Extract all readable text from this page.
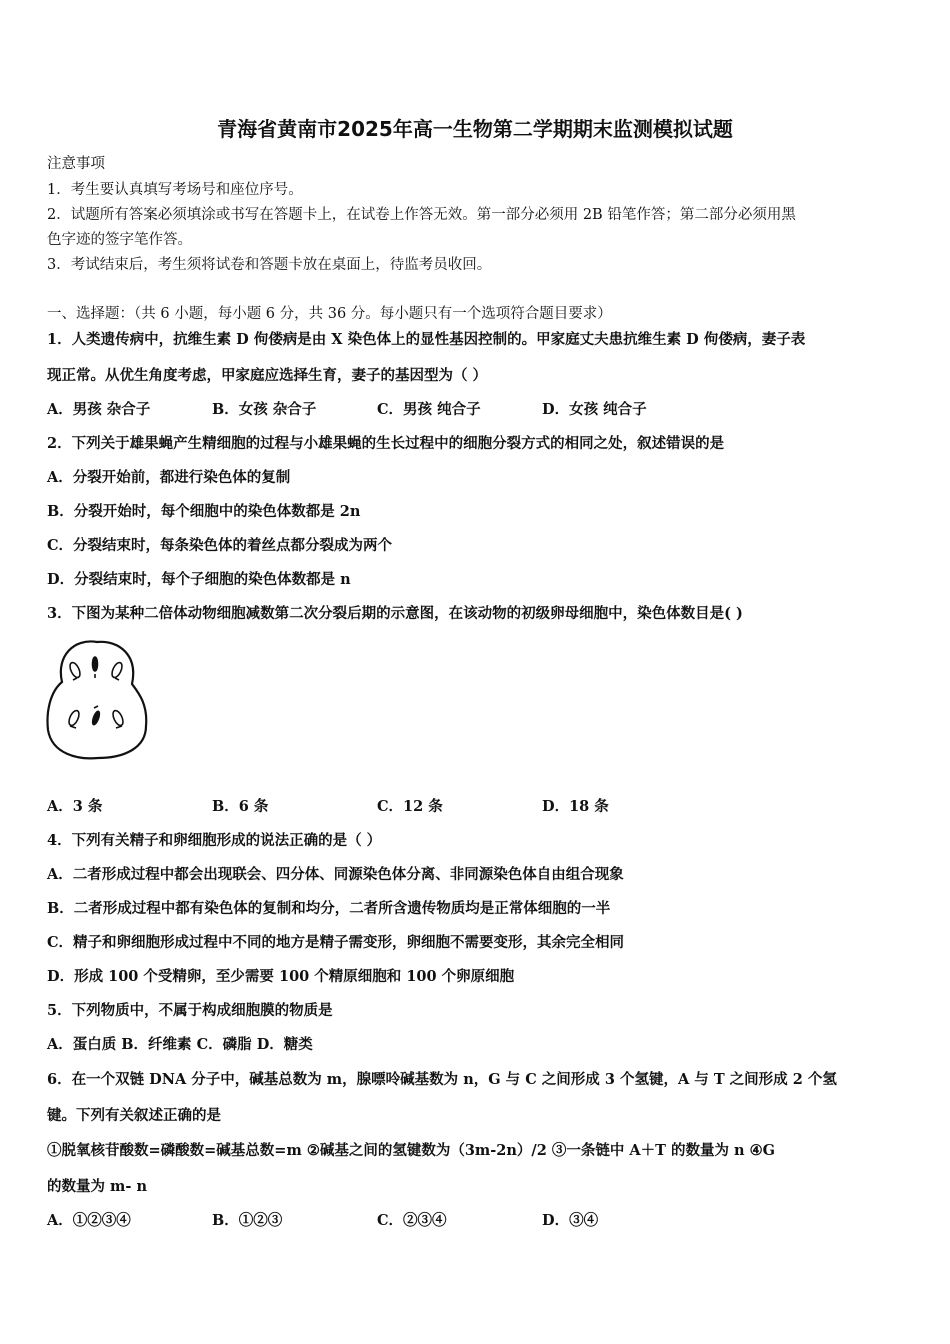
青海省黄南市2025年高一生物第二学期期末监测模拟试题
注意事项
1．考生要认真填写考场号和座位序号。
2．试题所有答案必须填涂或书写在答题卡上，在试卷上作答无效。第一部分必须用 2B 铅笔作答；第二部分必须用黑
色字迹的签字笔作答。
3．考试结束后，考生须将试卷和答题卡放在桌面上，待监考员收回。
一、选择题：（共 6 小题，每小题 6 分，共 36 分。每小题只有一个选项符合题目要求）
1．人类遗传病中，抗维生素 D 佝偻病是由 X 染色体上的显性基因控制的。甲家庭丈夫患抗维生素 D 佝偻病，妻子表
现正常。从优生角度考虑，甲家庭应选择生育，妻子的基因型为（ ）
A．男孩 杂合子	B．女孩 杂合子	C．男孩 纯合子	D．女孩 纯合子
2．下列关于雄果蝇产生精细胞的过程与小雄果蝇的生长过程中的细胞分裂方式的相同之处，叙述错误的是
A．分裂开始前，都进行染色体的复制
B．分裂开始时，每个细胞中的染色体数都是 2n
C．分裂结束时，每条染色体的着丝点都分裂成为两个
D．分裂结束时，每个子细胞的染色体数都是 n
3．下图为某种二倍体动物细胞减数第二次分裂后期的示意图，在该动物的初级卵母细胞中，染色体数目是( )
A．3 条	B．6 条	C．12 条	D．18 条
4．下列有关精子和卵细胞形成的说法正确的是（ ）
A．二者形成过程中都会出现联会、四分体、同源染色体分离、非同源染色体自由组合现象
B．二者形成过程中都有染色体的复制和均分，二者所含遗传物质均是正常体细胞的一半
C．精子和卵细胞形成过程中不同的地方是精子需变形，卵细胞不需要变形，其余完全相同
D．形成 100 个受精卵，至少需要 100 个精原细胞和 100 个卵原细胞
5．下列物质中，不属于构成细胞膜的物质是
A．蛋白质 B．纤维素 C．磷脂 D．糖类
6．在一个双链 DNA 分子中，碱基总数为 m，腺嘌呤碱基数为 n，G 与 C 之间形成 3 个氢键，A 与 T 之间形成 2 个氢
键。下列有关叙述正确的是
①脱氧核苷酸数=磷酸数=碱基总数=m ②碱基之间的氢键数为（3m-2n）/2 ③一条链中 A＋T 的数量为 n ④G
的数量为 m- n
A．①②③④	B．①②③	C．②③④	D．③④
